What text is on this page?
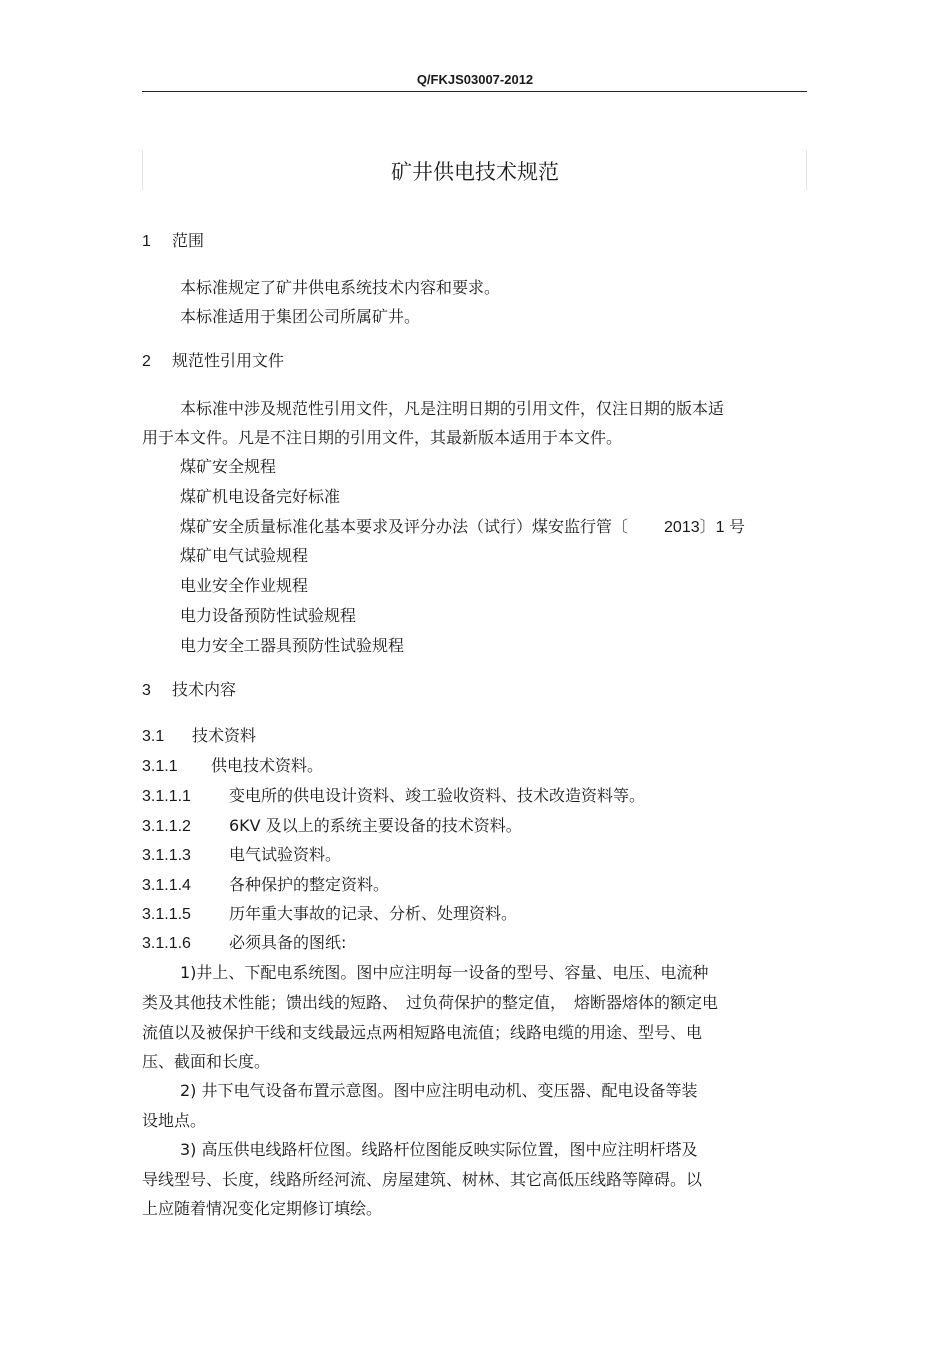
Q/FKJS03007-2012
矿井供电技术规范
1 范围
本标准规定了矿井供电系统技术内容和要求。
本标准适用于集团公司所属矿井。
2 规范性引用文件
本标准中涉及规范性引用文件，凡是注明日期的引用文件，仅注日期的版本适
用于本文件。凡是不注日期的引用文件，其最新版本适用于本文件。
煤矿安全规程
煤矿机电设备完好标准
煤矿安全质量标准化基本要求及评分办法（试行）煤安监行管〔 2013〕1 号
煤矿电气试验规程
电业安全作业规程
电力设备预防性试验规程
电力安全工器具预防性试验规程
3 技术内容
3.1 技术资料
3.1.1 供电技术资料。
3.1.1.1 变电所的供电设计资料、竣工验收资料、技术改造资料等。
3.1.1.2 6KV 及以上的系统主要设备的技术资料。
3.1.1.3 电气试验资料。
3.1.1.4 各种保护的整定资料。
3.1.1.5 历年重大事故的记录、分析、处理资料。
3.1.1.6 必须具备的图纸:
1)井上、下配电系统图。图中应注明每一设备的型号、容量、电压、电流种
类及其他技术性能；馈出线的短路、　过负荷保护的整定值，　熔断器熔体的额定电
流值以及被保护干线和支线最远点两相短路电流值；线路电缆的用途、型号、电
压、截面和长度。
2) 井下电气设备布置示意图。图中应注明电动机、变压器、配电设备等装
设地点。
3) 高压供电线路杆位图。线路杆位图能反映实际位置，图中应注明杆塔及
导线型号、长度，线路所经河流、房屋建筑、树林、其它高低压线路等障碍。以
上应随着情况变化定期修订填绘。
